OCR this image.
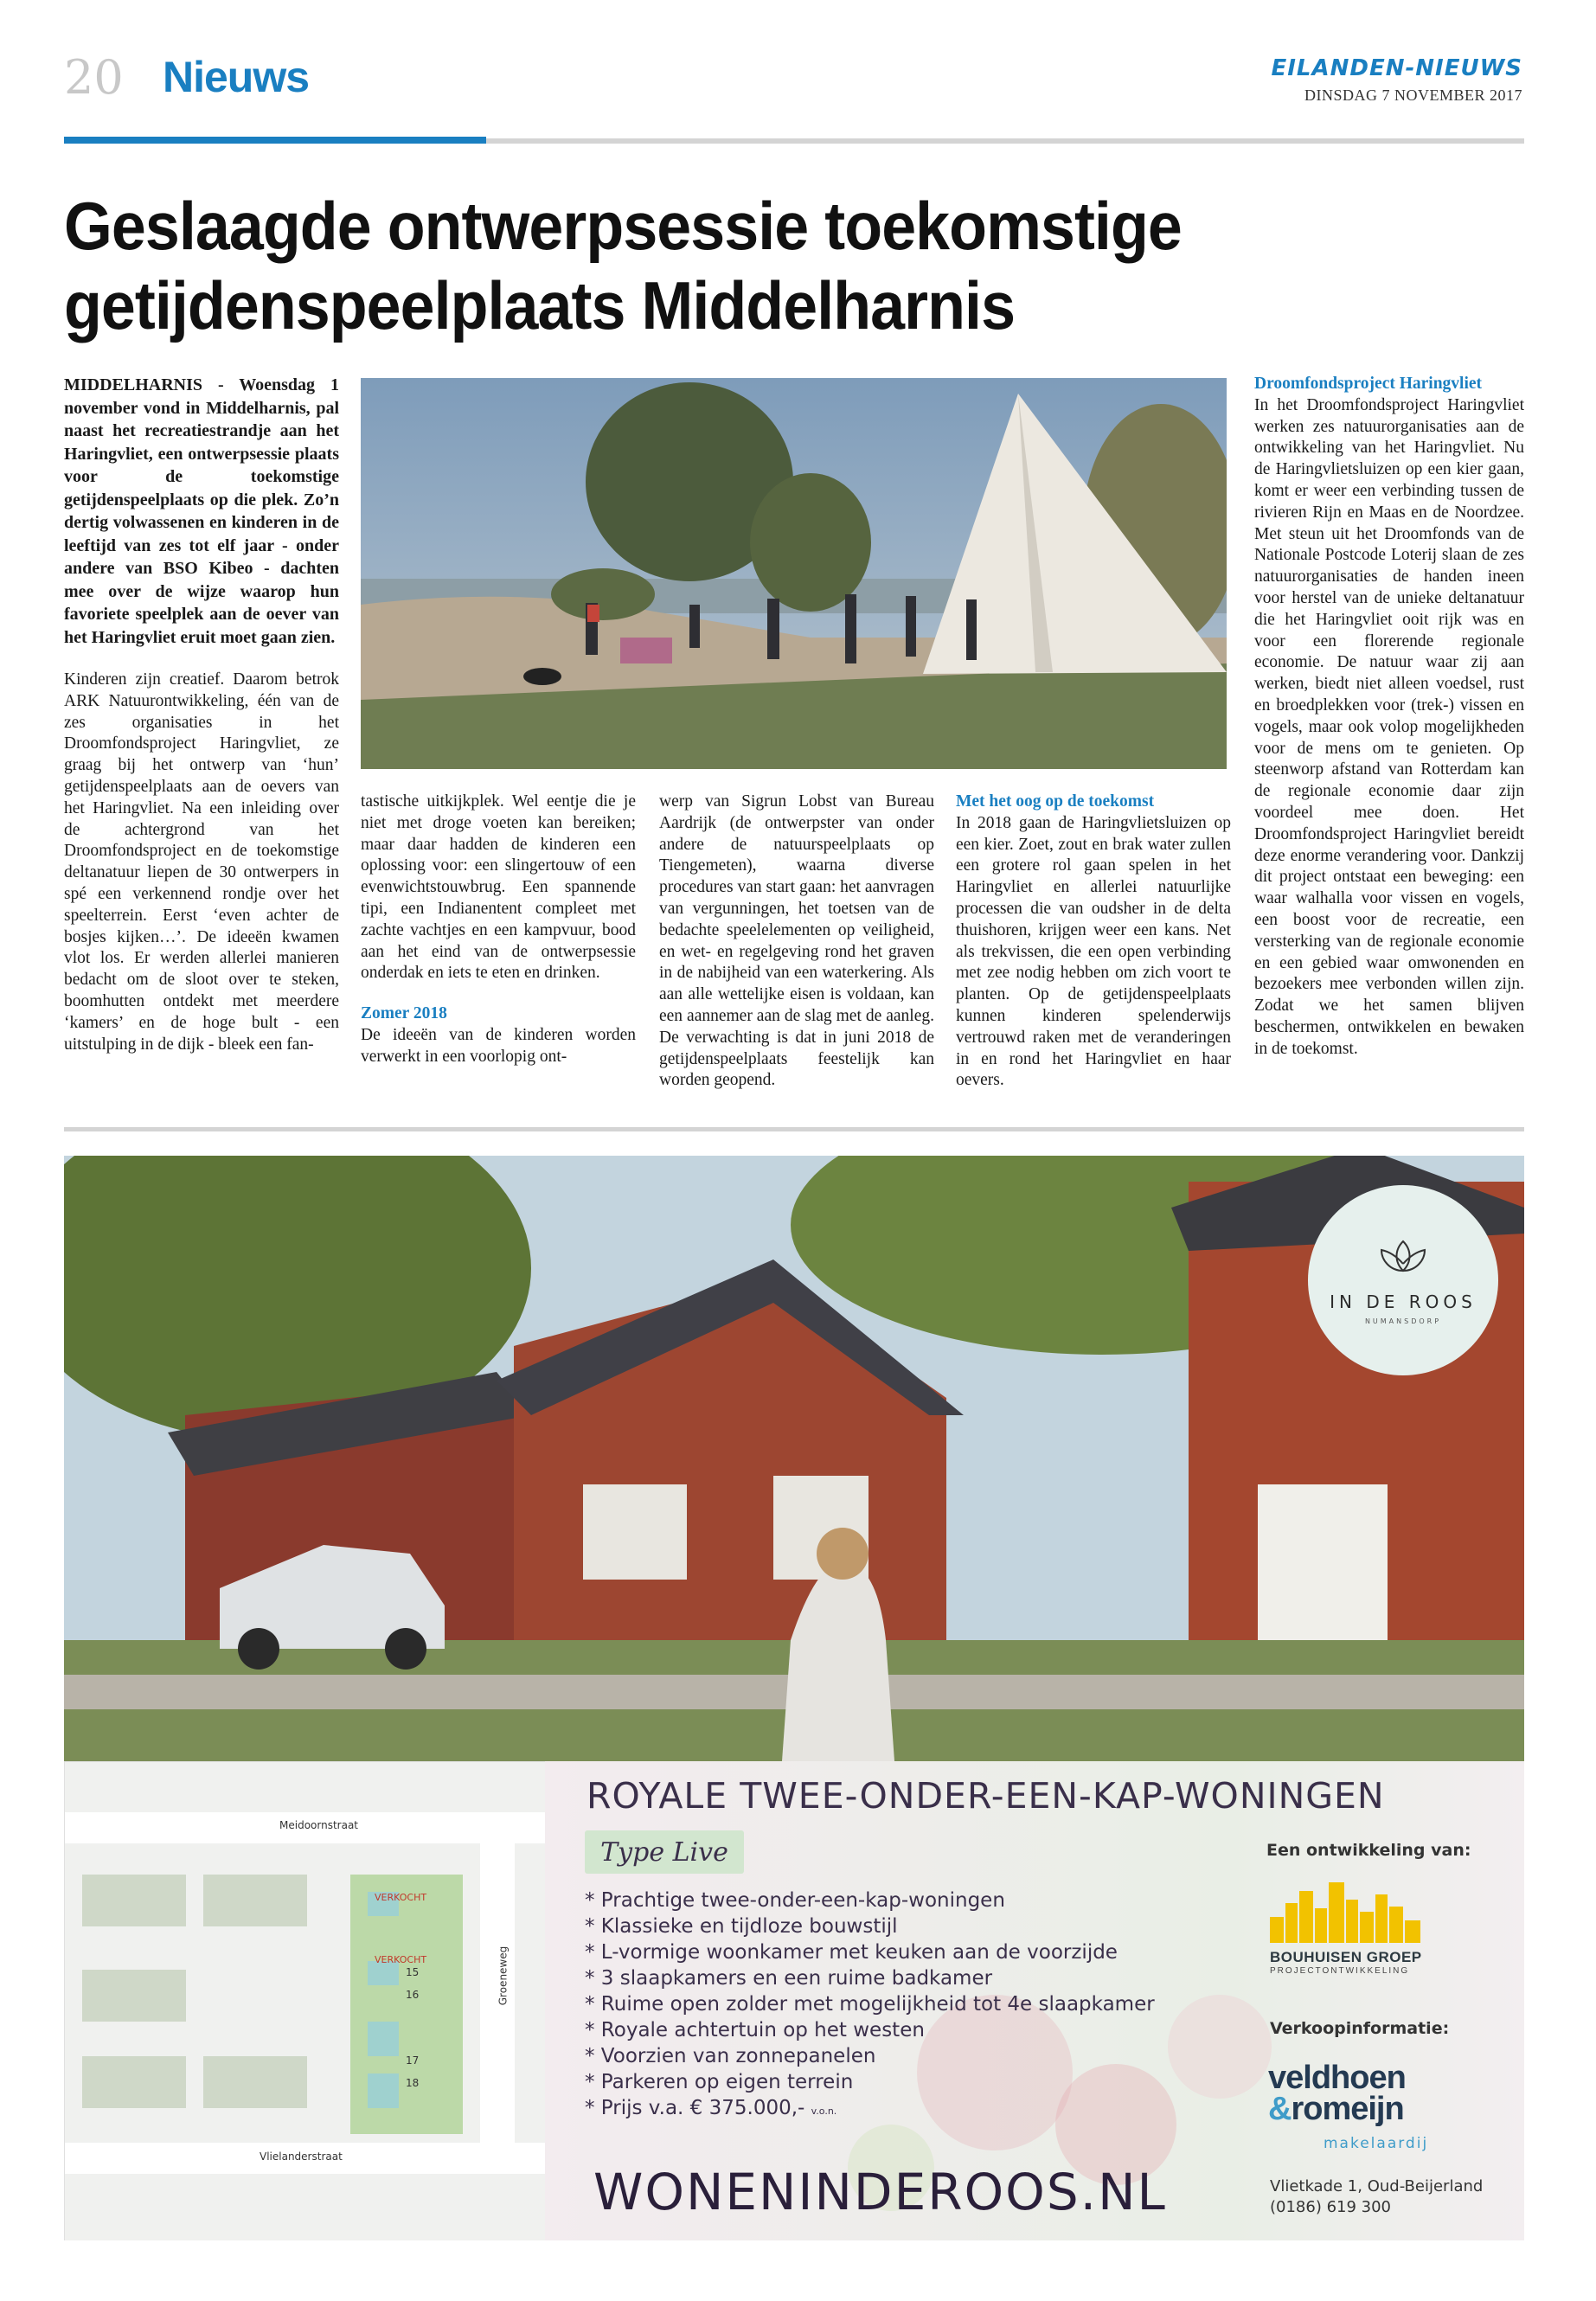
20 Nieuws	EILANDEN-NIEUWS
DINSDAG 7 NOVEMBER 2017
Geslaagde ontwerpsessie toekomstige
getijdenspeelplaats Middelharnis

MIDDELHARNIS - Woensdag 1 november vond in Middelharnis, pal naast het recreatiestrandje aan het Haringvliet, een ontwerpsessie plaats voor de toekomstige getijdenspeelplaats op die plek. Zo’n dertig volwassenen en kinderen in de leeftijd van zes tot elf jaar - onder andere van BSO Kibeo - dachten mee over de wijze waarop hun favoriete speelplek aan de oever van het Haringvliet eruit moet gaan zien.

Kinderen zijn creatief. Daarom betrok ARK Natuurontwikkeling, één van de zes organisaties in het Droomfondsproject Haringvliet, ze graag bij het ontwerp van ‘hun’ getijdenspeelplaats aan de oevers van het Haringvliet. Na een inleiding over de achtergrond van het Droomfondsproject en de toekomstige deltanatuur liepen de 30 ontwerpers in spé een verkennend rondje over het speelterrein. Eerst ‘even achter de bosjes kijken…’. De ideeën kwamen vlot los. Er werden allerlei manieren bedacht om de sloot over te steken, boomhutten ontdekt met meerdere ‘kamers’ en de hoge bult - een uitstulping in de dijk - bleek een fan-

tastische uitkijkplek. Wel eentje die je niet met droge voeten kan bereiken; maar daar hadden de kinderen een oplossing voor: een slingertouw of een evenwichtstouwbrug. Een spannende tipi, een Indianentent compleet met zachte vachtjes en een kampvuur, bood aan het eind van de ontwerpsessie onderdak en iets te eten en drinken.

Zomer 2018

De ideeën van de kinderen worden verwerkt in een voorlopig ont-

werp van Sigrun Lobst van Bureau Aardrijk (de ontwerpster van onder andere de natuurspeelplaats op Tiengemeten), waarna diverse procedures van start gaan: het aanvragen van vergunningen, het toetsen van de bedachte speelelementen op veiligheid, en wet- en regelgeving rond het graven in de nabijheid van een waterkering. Als aan alle wettelijke eisen is voldaan, kan een aannemer aan de slag met de aanleg. De verwachting is dat in juni 2018 de getijdenspeelplaats feestelijk kan worden geopend.

Met het oog op de toekomst

In 2018 gaan de Haringvlietsluizen op een kier. Zoet, zout en brak water zullen een grotere rol gaan spelen in het Haringvliet en allerlei natuurlijke processen die van oudsher in de delta thuishoren, krijgen weer een kans. Net als trekvissen, die een open verbinding met zee nodig hebben om zich voort te planten. Op de getijdenspeelplaats kunnen kinderen spelenderwijs vertrouwd raken met de veranderingen in en rond het Haringvliet en haar oevers.

Droomfondsproject Haringvliet

In het Droomfondsproject Haringvliet werken zes natuurorganisaties aan de ontwikkeling van het Haringvliet. Nu de Haringvlietsluizen op een kier gaan, komt er weer een verbinding tussen de rivieren Rijn en Maas en de Noordzee. Met steun uit het Droomfonds van de Nationale Postcode Loterij slaan de zes natuurorganisaties de handen ineen voor herstel van de unieke deltanatuur die het Haringvliet ooit rijk was en voor een florerende regionale economie. De natuur waar zij aan werken, biedt niet alleen voedsel, rust en broedplekken voor (trek-) vissen en vogels, maar ook volop mogelijkheden voor de mens om te genieten. Op steenworp afstand van Rotterdam kan de regionale economie daar zijn voordeel mee doen. Het Droomfondsproject Haringvliet bereidt deze enorme verandering voor. Dankzij dit project ontstaat een beweging: een waar walhalla voor vissen en vogels, een boost voor de recreatie, een versterking van de regionale economie en een gebied waar omwonenden en bezoekers mee verbonden willen zijn. Zodat we het samen blijven beschermen, ontwikkelen en bewaken in de toekomst.

IN DE ROOS
NUMANSDORP
Meidoornstraat
Vlielanderstraat
Groeneweg
VERKOCHT
VERKOCHT
15
16
17
18
ROYALE TWEE-ONDER-EEN-KAP-WONINGEN
Type Live
* Prachtige twee-onder-een-kap-woningen
* Klassieke en tijdloze bouwstijl
* L-vormige woonkamer met keuken aan de voorzijde
* 3 slaapkamers en een ruime badkamer
* Ruime open zolder met mogelijkheid tot 4e slaapkamer
* Royale achtertuin op het westen
* Voorzien van zonnepanelen
* Parkeren op eigen terrein
* Prijs v.a. € 375.000,- v.o.n.
WONENINDEROOS.NL
Een ontwikkeling van:
BOUHUISEN GROEP
PROJECTONTWIKKELING
Verkoopinformatie:
veldhoen
&romeijn
makelaardij
Vlietkade 1, Oud-Beijerland
(0186) 619 300
